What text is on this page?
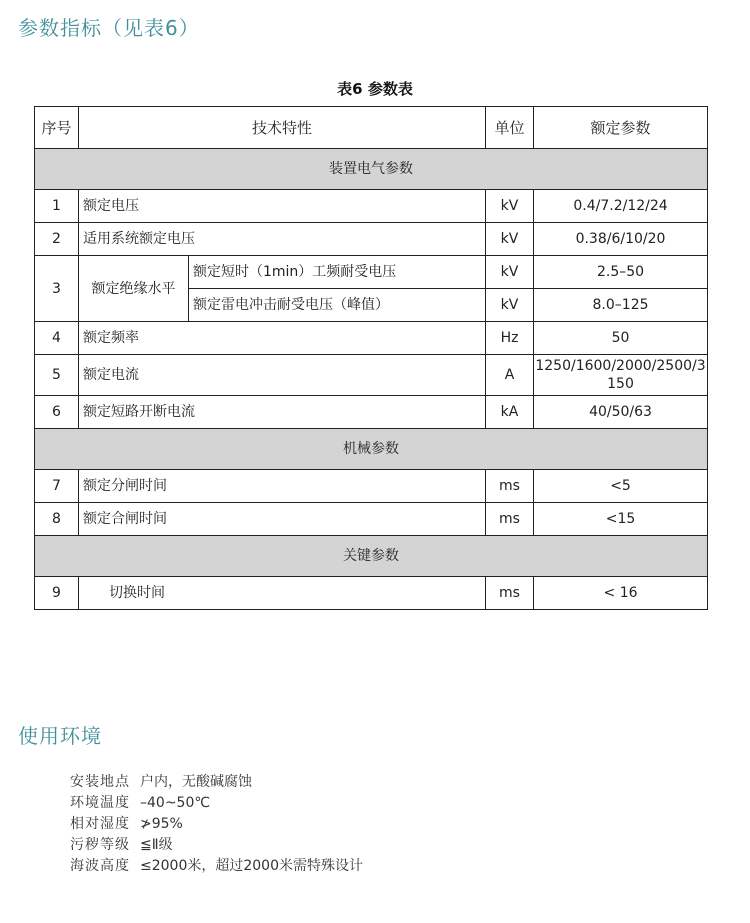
参数指标（见表6）
表6 参数表
序号	技术特性		单位	额定参数
装置电气参数				
1	额定电压		kV	0.4/7.2/12/24
2	适用系统额定电压		kV	0.38/6/10/20
3	额定绝缘水平	额定短时（1min）工频耐受电压	kV	2.5–50
		额定雷电冲击耐受电压（峰值）	kV	8.0–125
4	额定频率		Hz	50
5	额定电流		A	1250/1600/2000/2500/3150
6	额定短路开断电流		kA	40/50/63
机械参数				
7	额定分闸时间		ms	<5
8	额定合闸时间		ms	<15
关键参数				
9	切换时间		ms	< 16
使用环境
安装地点 户内，无酸碱腐蚀
环境温度 –40~50℃
相对湿度 ≯95%
污秽等级 ≦Ⅱ级
海波高度 ≤2000米，超过2000米需特殊设计
